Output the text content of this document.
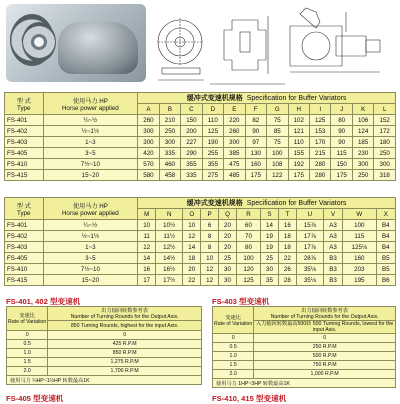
型 式
Type	使用马力 HP
Horse power applied	缓冲式变速机规格 Specification for Buffer Variators											
		A	B	C	D	E	F	G	H	I	J	K	L
FS-401	¼~½	260	210	150	110	220	82	75	102	125	80	106	152
FS-402	½~1½	300	250	200	125	260	90	85	121	153	90	124	172
FS-403	1~3	300	300	227	190	300	97	75	110	170	90	185	180
FS-405	3~5	420	335	290	255	385	130	100	155	215	115	230	250
FS-410	7½~10	570	460	355	355	475	160	108	192	280	150	300	300
FS-415	15~20	580	458	335	275	485	175	122	175	280	175	250	318
型 式
Type	使用马力 HP
Horse power applied	缓冲式变速机规格 Specification for Buffer Variators											
		M	N	O	P	Q	R	S	T	U	V	W	X
FS-401	¼~½	10	10½	10	6	20	60	14	16	15⅞	A3	100	B4
FS-402	½~1½	11	11½	12	8	20	70	19	18	17⅞	A3	115	B4
FS-403	1~3	12	12½	14	8	20	80	19	18	17⅞	A3	125⅛	B4
FS-405	3~5	14	14½	18	10	25	100	25	22	28⅞	B3	160	B5
FS-410	7½~10	16	16½	20	12	30	120	30	26	35⅛	B3	203	B5
FS-415	15~20	17	17½	22	12	30	125	35	28	35⅛	B3	195	B6
FS-401, 402 型变速机	FS-403 型变速机
FS-405 型变速机	FS-410, 415 型变速机
变速比
Rate of Variation	出力轴回转数参考表
Number of Turning Rounds for the Output Axis.
	850 Turning Rounds, highest for the input Axis.
0	0
0.5	425 R.P.M
1.0	850 R.P.M
1.5	1,275 R.P.M
2.0	1,700 R.P.M
使用马力 ¼HP~1½HP 转数最高1K	
变速比
Rate of Variation	出力轴回转数参考表
Number of Turning Rounds for the Output Axis.
	入力轴回转数最高500转 500 Turning Rounds, lowest for the input Axis.
0	0
0.5	250 R.P.M
1.0	500 R.P.M
1.5	750 R.P.M
2.0	1,000 R.P.M
使用马力 1HP~3HP 转数最高1K	
